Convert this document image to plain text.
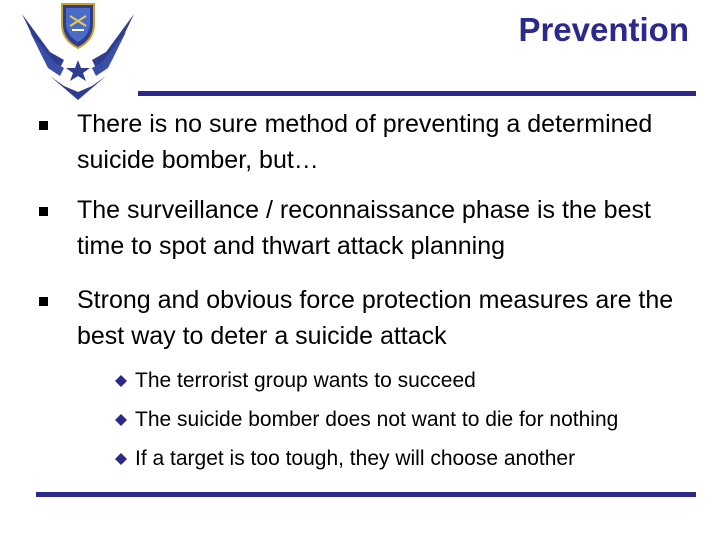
Prevention
There is no sure method of preventing a determined suicide bomber, but…
The surveillance / reconnaissance phase is the best time to spot and thwart attack planning
Strong and obvious force protection measures are the best way to deter a suicide attack
The terrorist group wants to succeed
The suicide bomber does not want to die for nothing
If a target is too tough, they will choose another
